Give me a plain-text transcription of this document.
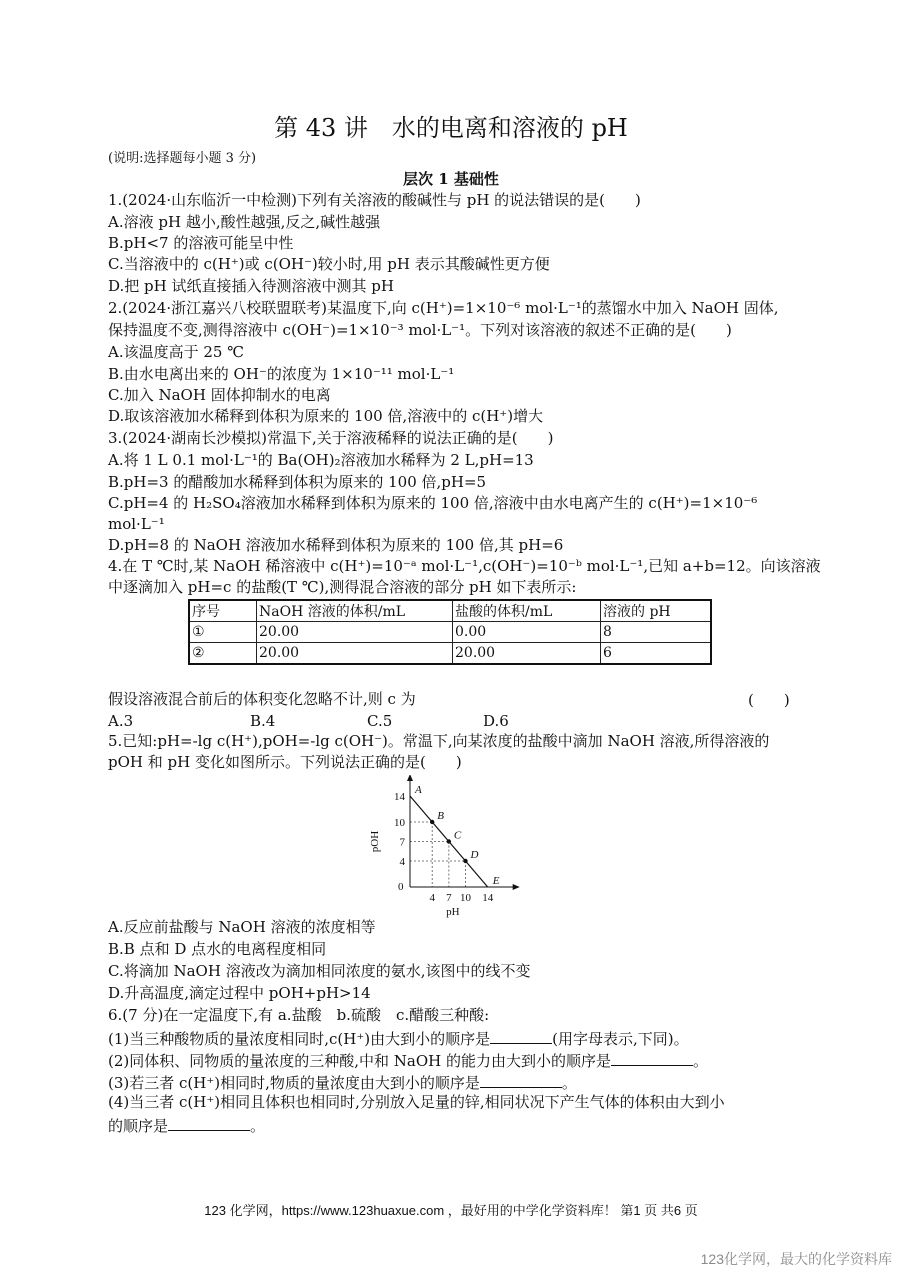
第 43 讲　水的电离和溶液的 pH
(说明:选择题每小题 3 分)
层次 1 基础性
1.(2024·山东临沂一中检测)下列有关溶液的酸碱性与 pH 的说法错误的是(　　)
A.溶液 pH 越小,酸性越强,反之,碱性越强
B.pH<7 的溶液可能呈中性
C.当溶液中的 c(H⁺)或 c(OH⁻)较小时,用 pH 表示其酸碱性更方便
D.把 pH 试纸直接插入待测溶液中测其 pH
2.(2024·浙江嘉兴八校联盟联考)某温度下,向 c(H⁺)=1×10⁻⁶ mol·L⁻¹的蒸馏水中加入 NaOH 固体,
保持温度不变,测得溶液中 c(OH⁻)=1×10⁻³ mol·L⁻¹。下列对该溶液的叙述不正确的是(　　)
A.该温度高于 25 ℃
B.由水电离出来的 OH⁻的浓度为 1×10⁻¹¹ mol·L⁻¹
C.加入 NaOH 固体抑制水的电离
D.取该溶液加水稀释到体积为原来的 100 倍,溶液中的 c(H⁺)增大
3.(2024·湖南长沙模拟)常温下,关于溶液稀释的说法正确的是(　　)
A.将 1 L 0.1 mol·L⁻¹的 Ba(OH)₂溶液加水稀释为 2 L,pH=13
B.pH=3 的醋酸加水稀释到体积为原来的 100 倍,pH=5
C.pH=4 的 H₂SO₄溶液加水稀释到体积为原来的 100 倍,溶液中由水电离产生的 c(H⁺)=1×10⁻⁶
mol·L⁻¹
D.pH=8 的 NaOH 溶液加水稀释到体积为原来的 100 倍,其 pH=6
4.在 T ℃时,某 NaOH 稀溶液中 c(H⁺)=10⁻ᵃ mol·L⁻¹,c(OH⁻)=10⁻ᵇ mol·L⁻¹,已知 a+b=12。向该溶液
中逐滴加入 pH=c 的盐酸(T ℃),测得混合溶液的部分 pH 如下表所示:
序号	NaOH 溶液的体积/mL	盐酸的体积/mL	溶液的 pH
①	20.00	0.00	8
②	20.00	20.00	6
假设溶液混合前后的体积变化忽略不计,则 c 为	(　　)
A.3	B.4	C.5	D.6
5.已知:pH=-lg c(H⁺),pOH=-lg c(OH⁻)。常温下,向某浓度的盐酸中滴加 NaOH 溶液,所得溶液的
pOH 和 pH 变化如图所示。下列说法正确的是(　　)
A
B
C
D
E
0
4 7 10 14
14
10
7
4
pH
pOH
A.反应前盐酸与 NaOH 溶液的浓度相等
B.B 点和 D 点水的电离程度相同
C.将滴加 NaOH 溶液改为滴加相同浓度的氨水,该图中的线不变
D.升高温度,滴定过程中 pOH+pH>14
6.(7 分)在一定温度下,有 a.盐酸　b.硫酸　c.醋酸三种酸:
(1)当三种酸物质的量浓度相同时,c(H⁺)由大到小的顺序是	(用字母表示,下同)。
(2)同体积、同物质的量浓度的三种酸,中和 NaOH 的能力由大到小的顺序是	。
(3)若三者 c(H⁺)相同时,物质的量浓度由大到小的顺序是	。
(4)当三者 c(H⁺)相同且体积也相同时,分别放入足量的锌,相同状况下产生气体的体积由大到小
的顺序是	。
123 化学网，https://www.123huaxue.com ，最好用的中学化学资料库！ 第1 页 共6 页
123化学网，最大的化学资料库
